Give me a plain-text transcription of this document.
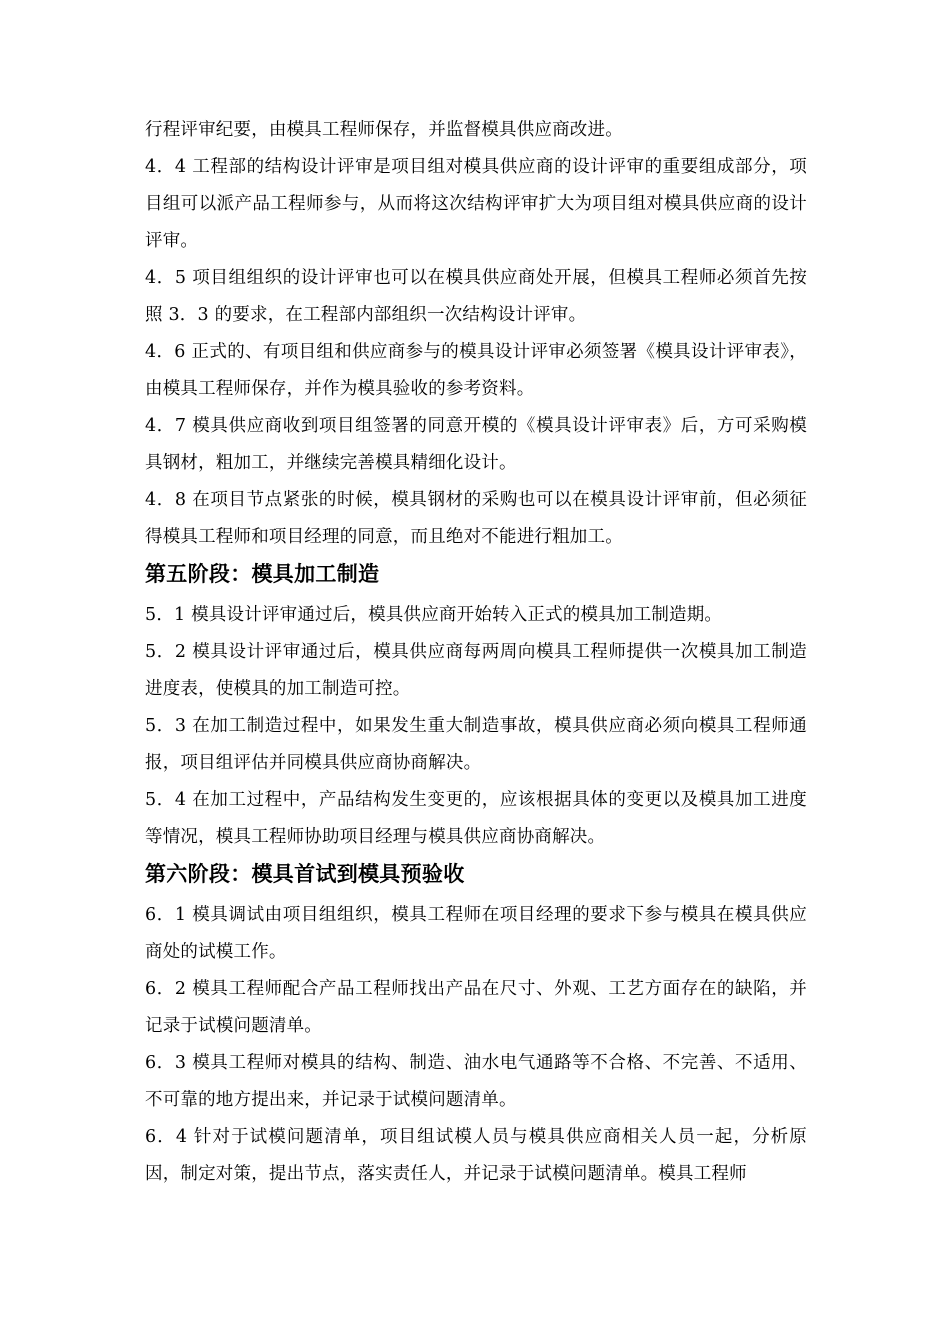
行程评审纪要，由模具工程师保存，并监督模具供应商改进。

4．4 工程部的结构设计评审是项目组对模具供应商的设计评审的重要组成部分，项目组可以派产品工程师参与，从而将这次结构评审扩大为项目组对模具供应商的设计评审。

4．5 项目组组织的设计评审也可以在模具供应商处开展，但模具工程师必须首先按照 3．3 的要求，在工程部内部组织一次结构设计评审。

4．6 正式的、有项目组和供应商参与的模具设计评审必须签署《模具设计评审表》，由模具工程师保存，并作为模具验收的参考资料。

4．7 模具供应商收到项目组签署的同意开模的《模具设计评审表》后，方可采购模具钢材，粗加工，并继续完善模具精细化设计。

4．8 在项目节点紧张的时候，模具钢材的采购也可以在模具设计评审前，但必须征得模具工程师和项目经理的同意，而且绝对不能进行粗加工。

第五阶段：模具加工制造

5．1 模具设计评审通过后，模具供应商开始转入正式的模具加工制造期。

5．2 模具设计评审通过后，模具供应商每两周向模具工程师提供一次模具加工制造进度表，使模具的加工制造可控。

5．3 在加工制造过程中，如果发生重大制造事故，模具供应商必须向模具工程师通报，项目组评估并同模具供应商协商解决。

5．4 在加工过程中，产品结构发生变更的，应该根据具体的变更以及模具加工进度等情况，模具工程师协助项目经理与模具供应商协商解决。

第六阶段：模具首试到模具预验收

6．1 模具调试由项目组组织，模具工程师在项目经理的要求下参与模具在模具供应商处的试模工作。

6．2 模具工程师配合产品工程师找出产品在尺寸、外观、工艺方面存在的缺陷，并记录于试模问题清单。

6．3 模具工程师对模具的结构、制造、油水电气通路等不合格、不完善、不适用、不可靠的地方提出来，并记录于试模问题清单。

6．4 针对于试模问题清单，项目组试模人员与模具供应商相关人员一起，分析原因，制定对策，提出节点，落实责任人，并记录于试模问题清单。模具工程师
